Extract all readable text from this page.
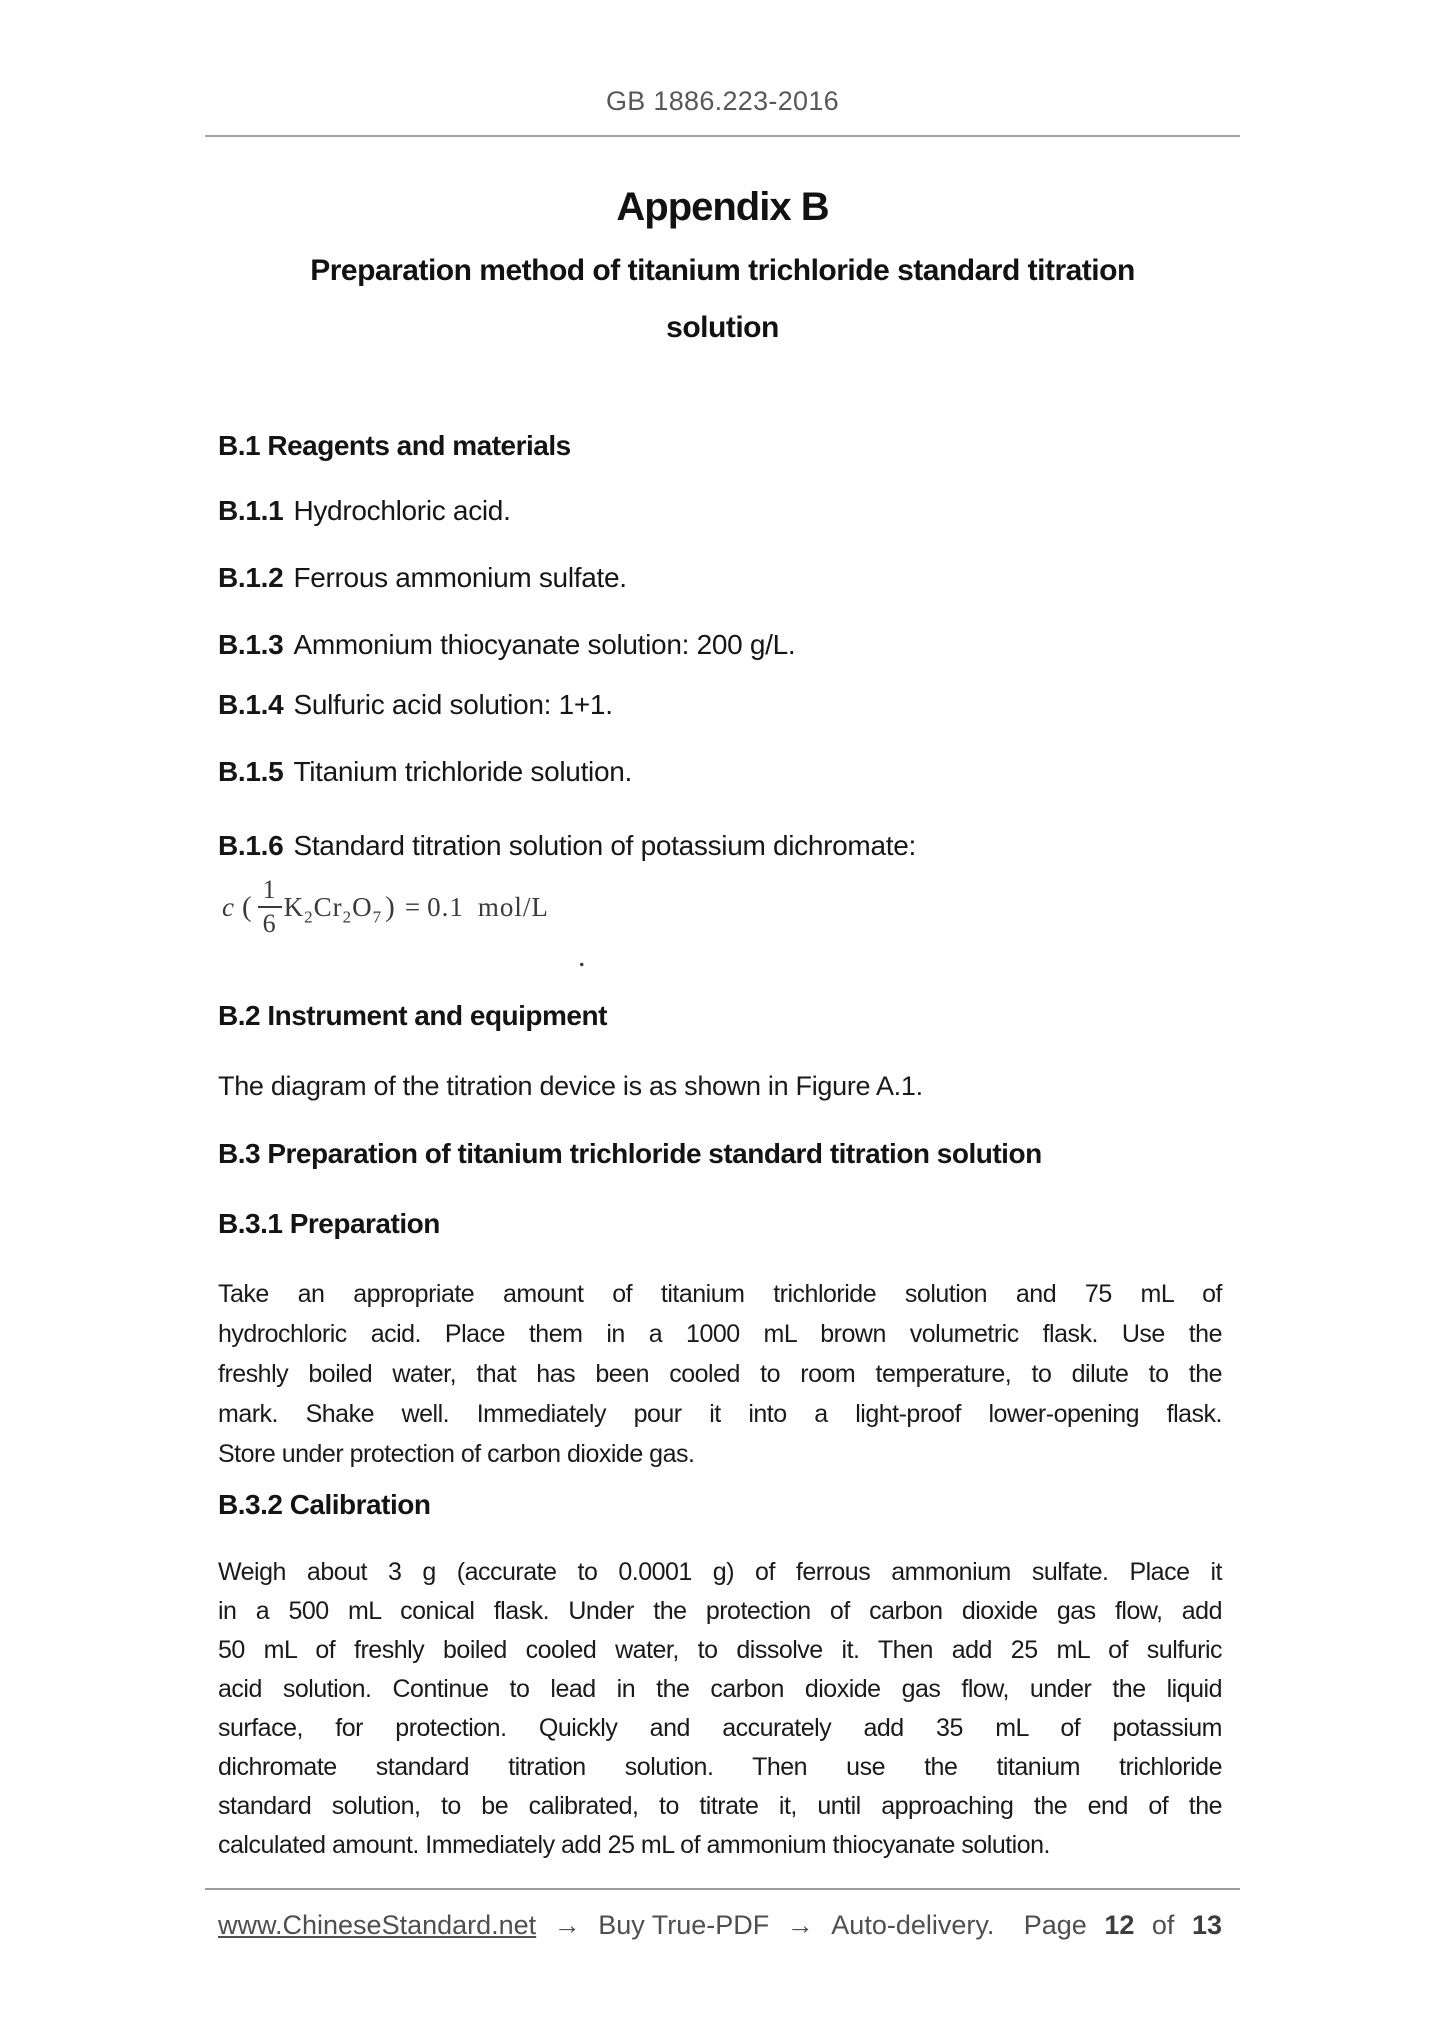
GB 1886.223-2016
Appendix B
Preparation method of titanium trichloride standard titration
solution
B.1 Reagents and materials
B.1.1 Hydrochloric acid.
B.1.2 Ferrous ammonium sulfate.
B.1.3 Ammonium thiocyanate solution: 200 g/L.
B.1.4 Sulfuric acid solution: 1+1.
B.1.5 Titanium trichloride solution.
B.1.6 Standard titration solution of potassium dichromate:
c ( $\frac{1}{6} K_2Cr_2O_7$ ) = 0.1 mol/L
.
B.2 Instrument and equipment
The diagram of the titration device is as shown in Figure A.1.
B.3 Preparation of titanium trichloride standard titration solution
B.3.1 Preparation
Take an appropriate amount of titanium trichloride solution and 75 mL of
hydrochloric acid. Place them in a 1000 mL brown volumetric flask. Use the
freshly boiled water, that has been cooled to room temperature, to dilute to the
mark. Shake well. Immediately pour it into a light-proof lower-opening flask.
Store under protection of carbon dioxide gas.
B.3.2 Calibration
Weigh about 3 g (accurate to 0.0001 g) of ferrous ammonium sulfate. Place it
in a 500 mL conical flask. Under the protection of carbon dioxide gas flow, add
50 mL of freshly boiled cooled water, to dissolve it. Then add 25 mL of sulfuric
acid solution. Continue to lead in the carbon dioxide gas flow, under the liquid
surface, for protection. Quickly and accurately add 35 mL of potassium
dichromate standard titration solution. Then use the titanium trichloride
standard solution, to be calibrated, to titrate it, until approaching the end of the
calculated amount. Immediately add 25 mL of ammonium thiocyanate solution.
www.ChineseStandard.net → Buy True-PDF → Auto-delivery.	Page 12 of 13
